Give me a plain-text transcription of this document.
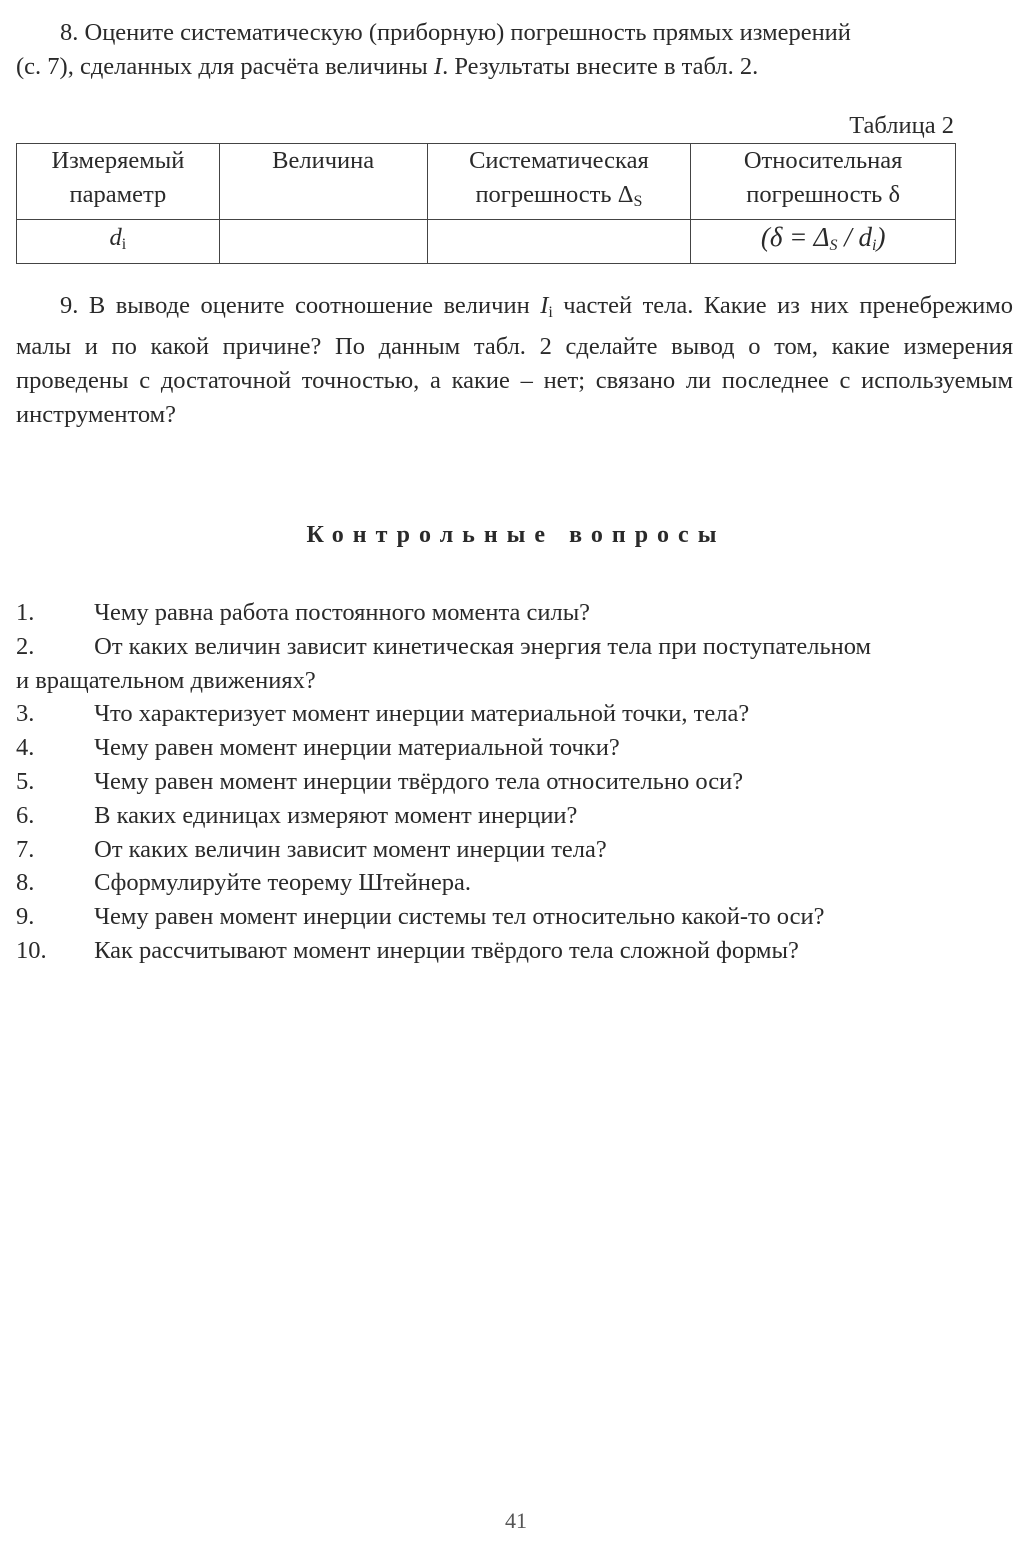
8. Оцените систематическую (приборную) погрешность прямых измерений
(с. 7), сделанных для расчёта величины I. Результаты внесите в табл. 2.

Таблица 2
Измеряемый параметр	Величина	Систематическая погрешность $\Delta_S$	Относительная погрешность δ
$d_i$			$(\delta = \Delta_S / d_i)$

9. В выводе оцените соотношение величин $I_i$ частей тела. Какие из них пренебрежимо малы и по какой причине? По данным табл. 2 сделайте вывод о том, какие измерения проведены с достаточной точностью, а какие – нет; связано ли последнее с используемым инструментом?

Контрольные вопросы

1. Чему равна работа постоянного момента силы?

2. От каких величин зависит кинетическая энергия тела при поступательном
и вращательном движениях?

3. Что характеризует момент инерции материальной точки, тела?

4. Чему равен момент инерции материальной точки?

5. Чему равен момент инерции твёрдого тела относительно оси?

6. В каких единицах измеряют момент инерции?

7. От каких величин зависит момент инерции тела?

8. Сформулируйте теорему Штейнера.

9. Чему равен момент инерции системы тел относительно какой-то оси?

10. Как рассчитывают момент инерции твёрдого тела сложной формы?

41
